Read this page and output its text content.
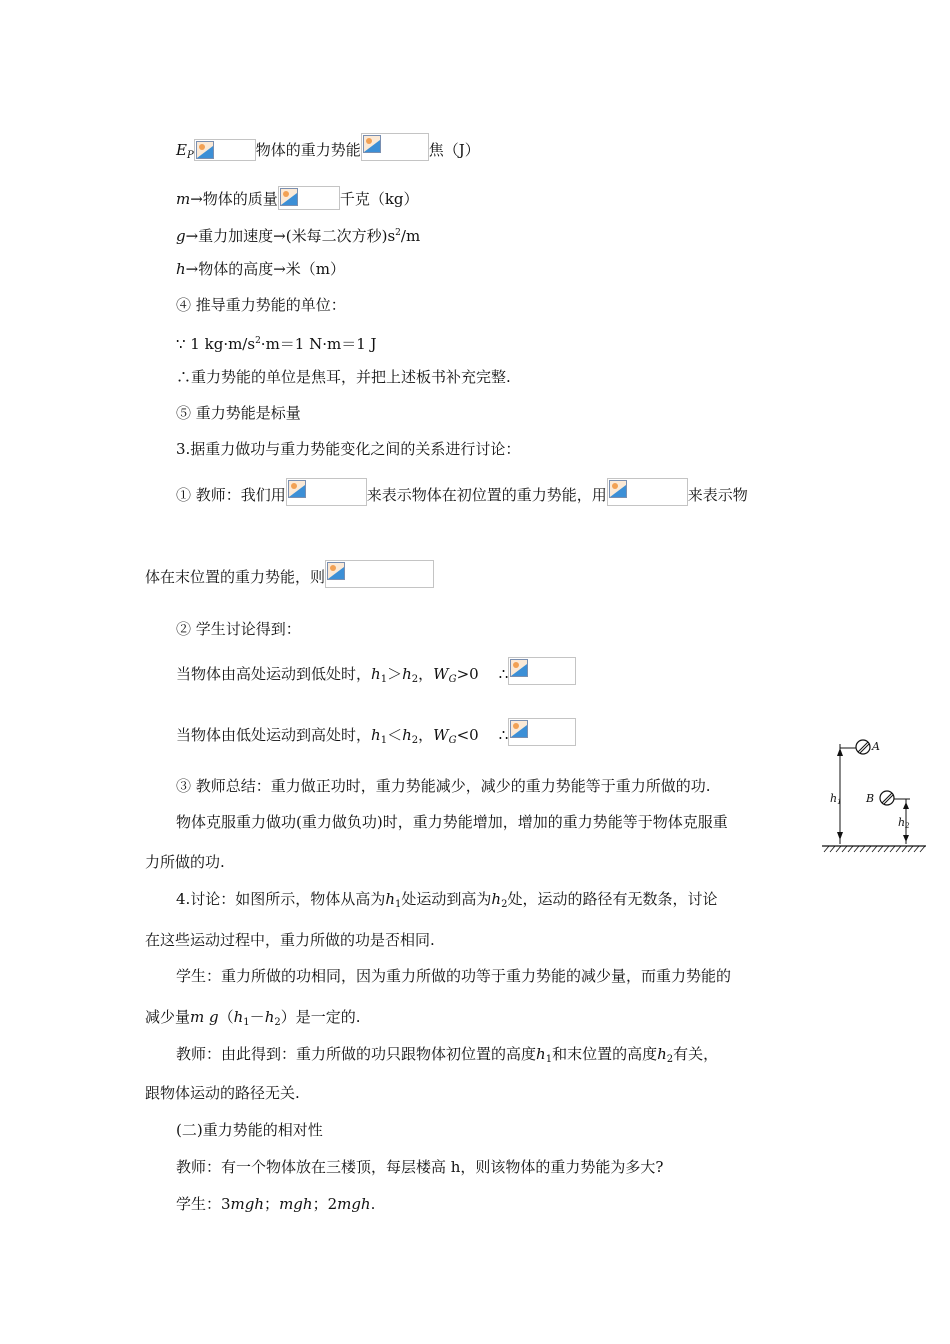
$E_P$	物体的重力势能	焦（J）
m→物体的质量	千克（kg）
g→重力加速度→(米每二次方秒)$s^2/m$
h→物体的高度→米（m）
④ 推导重力势能的单位：
∵ 1 $kg\cdot m/s^2\cdot m=1$ N·m＝1 J
∴重力势能的单位是焦耳，并把上述板书补充完整.
⑤ 重力势能是标量
3.据重力做功与重力势能变化之间的关系进行讨论：
① 教师：我们用	来表示物体在初位置的重力势能，用	来表示物
体在末位置的重力势能，则
② 学生讨论得到：
当物体由高处运动到低处时，$h_1>h_2$，$W_G>0$ ∴
当物体由低处运动到高处时，$h_1<h_2$，$W_G<0$ ∴
③ 教师总结：重力做正功时，重力势能减少，减少的重力势能等于重力所做的功.
物体克服重力做功(重力做负功)时，重力势能增加，增加的重力势能等于物体克服重
力所做的功.
4.讨论：如图所示，物体从高为$h_1$处运动到高为$h_2$处，运动的路径有无数条，讨论
在这些运动过程中，重力所做的功是否相同.
学生：重力所做的功相同，因为重力所做的功等于重力势能的减少量，而重力势能的
减少量m $g(h_1-h_2)$是一定的.
教师：由此得到：重力所做的功只跟物体初位置的高度$h_1$和末位置的高度$h_2$有关，
跟物体运动的路径无关.
(二)重力势能的相对性
教师：有一个物体放在三楼顶，每层楼高 h，则该物体的重力势能为多大?
学生：3mgh；mgh；2mgh.
A
B
h1
h2
